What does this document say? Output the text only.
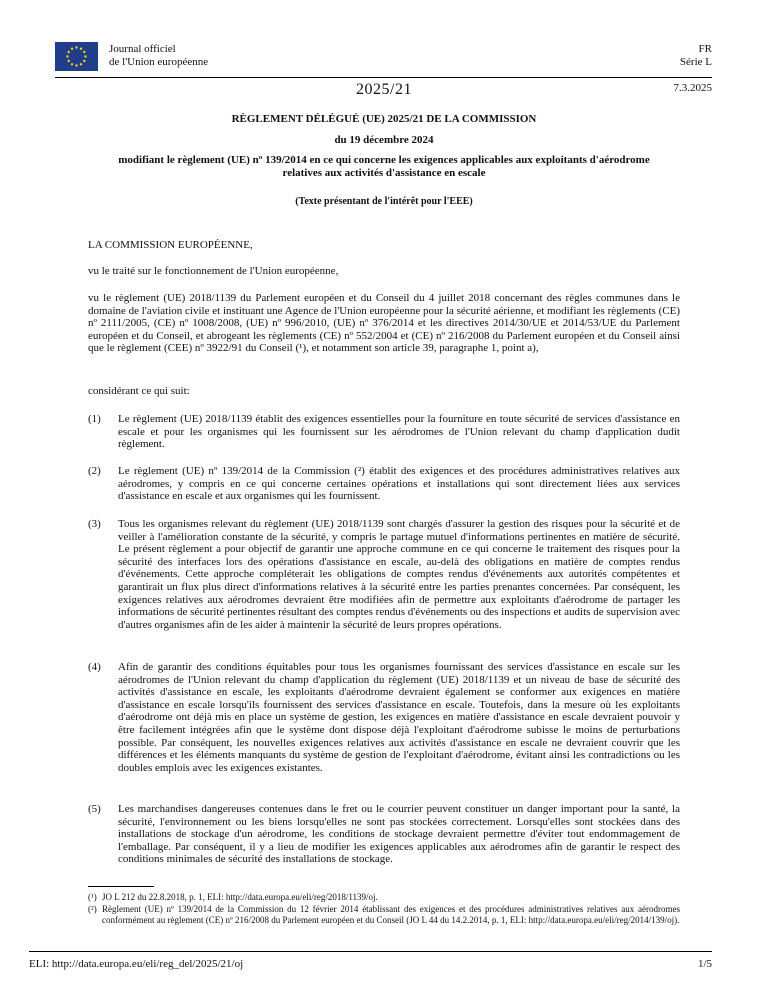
Journal officiel
de l'Union européenne
FR
Série L
2025/21	7.3.2025
RÈGLEMENT DÉLÉGUÉ (UE) 2025/21 DE LA COMMISSION
du 19 décembre 2024
modifiant le règlement (UE) nº 139/2014 en ce qui concerne les exigences applicables aux exploitants d'aérodrome relatives aux activités d'assistance en escale
(Texte présentant de l'intérêt pour l'EEE)
LA COMMISSION EUROPÉENNE,
vu le traité sur le fonctionnement de l'Union européenne,
vu le règlement (UE) 2018/1139 du Parlement européen et du Conseil du 4 juillet 2018 concernant des règles communes dans le domaine de l'aviation civile et instituant une Agence de l'Union européenne pour la sécurité aérienne, et modifiant les règlements (CE) nº 2111/2005, (CE) nº 1008/2008, (UE) nº 996/2010, (UE) nº 376/2014 et les directives 2014/30/UE et 2014/53/UE du Parlement européen et du Conseil, et abrogeant les règlements (CE) nº 552/2004 et (CE) nº 216/2008 du Parlement européen et du Conseil ainsi que le règlement (CEE) nº 3922/91 du Conseil (¹), et notamment son article 39, paragraphe 1, point a),
considérant ce qui suit:
(1) Le règlement (UE) 2018/1139 établit des exigences essentielles pour la fourniture en toute sécurité de services d'assistance en escale et pour les organismes qui les fournissent sur les aérodromes de l'Union relevant du champ d'application dudit règlement.
(2) Le règlement (UE) nº 139/2014 de la Commission (²) établit des exigences et des procédures administratives relatives aux aérodromes, y compris en ce qui concerne certaines opérations et installations qui sont directement liées aux services d'assistance en escale et aux organismes qui les fournissent.
(3) Tous les organismes relevant du règlement (UE) 2018/1139 sont chargés d'assurer la gestion des risques pour la sécurité et de veiller à l'amélioration constante de la sécurité, y compris le partage mutuel d'informations pertinentes en matière de sécurité. Le présent règlement a pour objectif de garantir une approche commune en ce qui concerne le traitement des risques pour la sécurité des interfaces lors des opérations d'assistance en escale, au-delà des obligations en matière de comptes rendus d'événements. Cette approche compléterait les obligations de comptes rendus d'événements aux autorités compétentes et garantirait un flux plus direct d'informations relatives à la sécurité entre les parties prenantes concernées. Par conséquent, les exigences relatives aux aérodromes devraient être modifiées afin de permettre aux exploitants d'aérodrome de partager les informations de sécurité pertinentes résultant des comptes rendus d'événements ou des inspections et audits de supervision avec d'autres organismes afin de les aider à maintenir la sécurité de leurs propres opérations.
(4) Afin de garantir des conditions équitables pour tous les organismes fournissant des services d'assistance en escale sur les aérodromes de l'Union relevant du champ d'application du règlement (UE) 2018/1139 et un niveau de base de sécurité des activités d'assistance en escale, les exploitants d'aérodrome devraient également se conformer aux exigences en matière d'assistance en escale lorsqu'ils fournissent des services d'assistance en escale. Toutefois, dans la mesure où les exploitants d'aérodrome ont déjà mis en place un système de gestion, les exigences en matière d'assistance en escale devraient pouvoir y être facilement intégrées afin que le système dont dispose déjà l'exploitant d'aérodrome subisse le moins de perturbations possible. Par conséquent, les nouvelles exigences relatives aux activités d'assistance en escale ne devraient couvrir que les différences et les éléments manquants du système de gestion de l'exploitant d'aérodrome, évitant ainsi les contradictions ou les doubles emplois avec les exigences existantes.
(5) Les marchandises dangereuses contenues dans le fret ou le courrier peuvent constituer un danger important pour la santé, la sécurité, l'environnement ou les biens lorsqu'elles ne sont pas stockées correctement. Lorsqu'elles sont stockées dans des installations de stockage d'un aérodrome, les conditions de stockage devraient permettre d'éviter tout endommagement de l'emballage. Par conséquent, il y a lieu de modifier les exigences applicables aux aérodromes afin de garantir le respect des conditions minimales de sécurité des installations de stockage.
(¹) JO L 212 du 22.8.2018, p. 1, ELI: http://data.europa.eu/eli/reg/2018/1139/oj.
(²) Règlement (UE) nº 139/2014 de la Commission du 12 février 2014 établissant des exigences et des procédures administratives relatives aux aérodromes conformément au règlement (CE) nº 216/2008 du Parlement européen et du Conseil (JO L 44 du 14.2.2014, p. 1, ELI: http://data.europa.eu/eli/reg/2014/139/oj).
ELI: http://data.europa.eu/eli/reg_del/2025/21/oj	1/5
